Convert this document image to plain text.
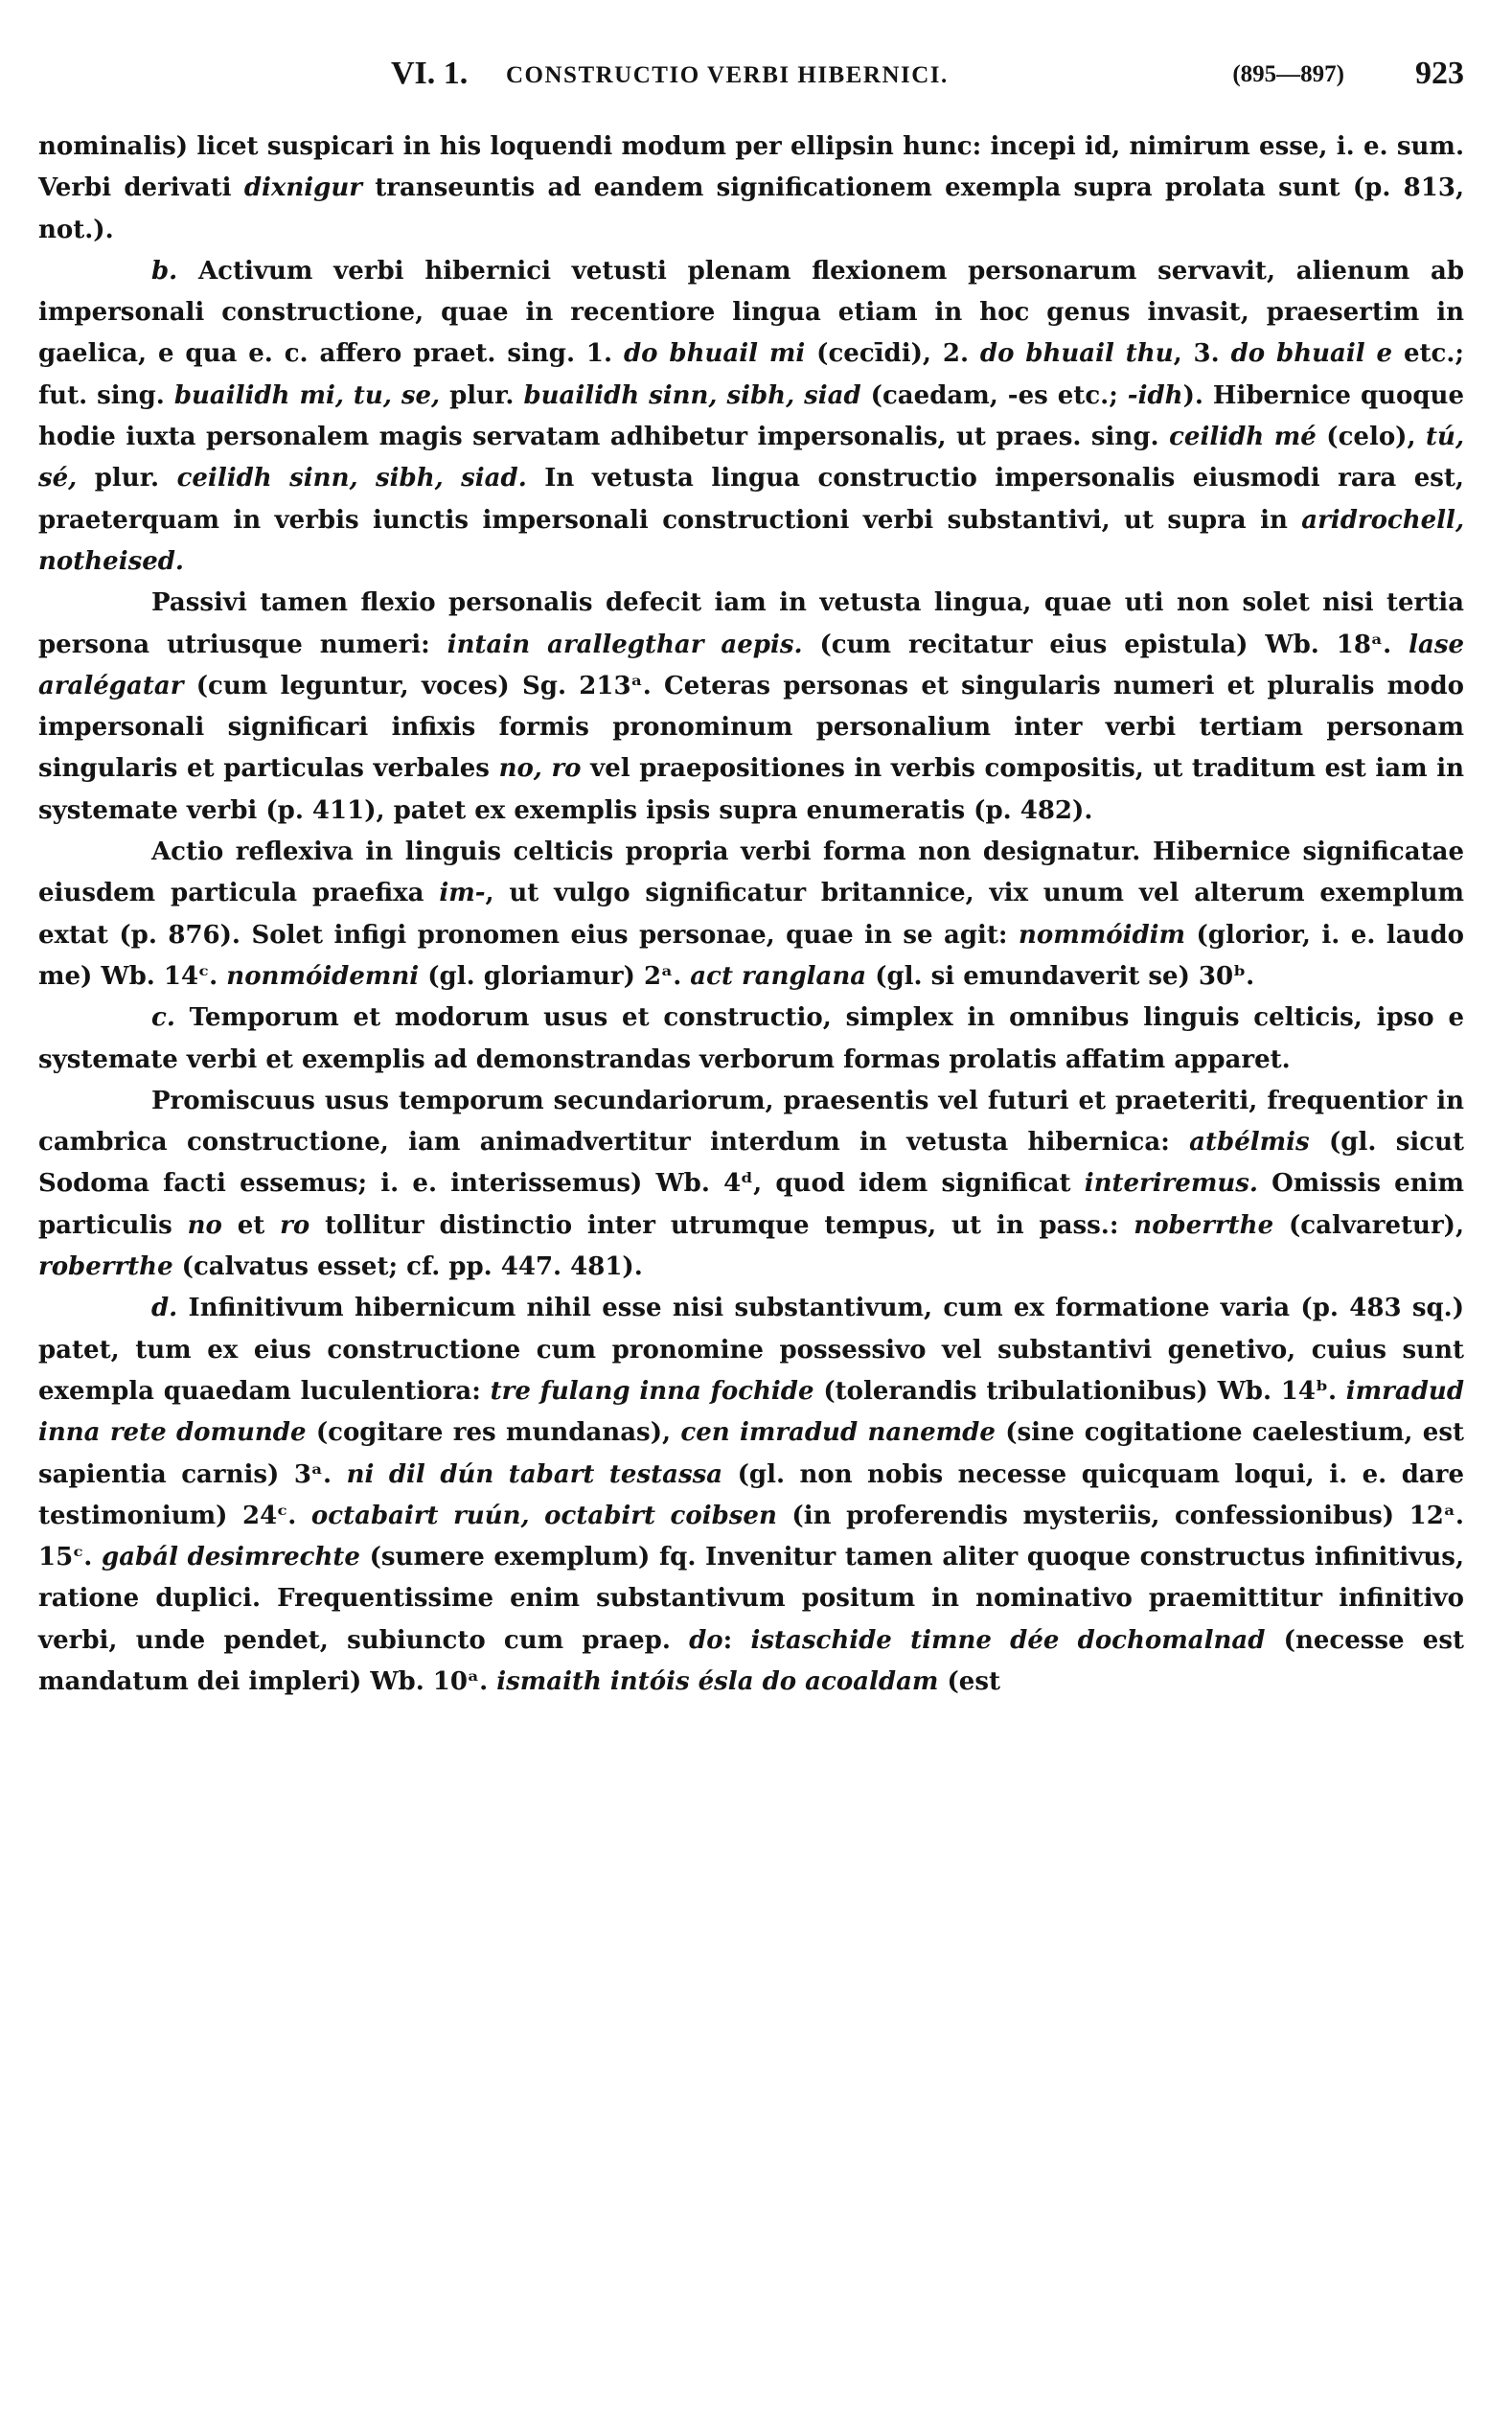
VI. 1. CONSTRUCTIO VERBI HIBERNICI.	(895—897) 923

nominalis) licet suspicari in his loquendi modum per ellipsin hunc: incepi id, nimirum esse, i. e. sum. Verbi derivati dixnigur transeuntis ad eandem significationem exempla supra prolata sunt (p. 813, not.).

b. Activum verbi hibernici vetusti plenam flexionem personarum servavit, alienum ab impersonali constructione, quae in recentiore lingua etiam in hoc genus invasit, praesertim in gaelica, e qua e. c. affero praet. sing. 1. do bhuail mi (cecīdi), 2. do bhuail thu, 3. do bhuail e etc.; fut. sing. buailidh mi, tu, se, plur. buailidh sinn, sibh, siad (caedam, -es etc.; -idh). Hibernice quoque hodie iuxta personalem magis servatam adhibetur impersonalis, ut praes. sing. ceilidh mé (celo), tú, sé, plur. ceilidh sinn, sibh, siad. In vetusta lingua constructio impersonalis eiusmodi rara est, praeterquam in verbis iunctis impersonali constructioni verbi substantivi, ut supra in aridrochell, notheised.

Passivi tamen flexio personalis defecit iam in vetusta lingua, quae uti non solet nisi tertia persona utriusque numeri: intain arallegthar aepis. (cum recitatur eius epistula) Wb. 18ᵃ. lase aralégatar (cum leguntur, voces) Sg. 213ᵃ. Ceteras personas et singularis numeri et pluralis modo impersonali significari infixis formis pronominum personalium inter verbi tertiam personam singularis et particulas verbales no, ro vel praepositiones in verbis compositis, ut traditum est iam in systemate verbi (p. 411), patet ex exemplis ipsis supra enumeratis (p. 482).

Actio reflexiva in linguis celticis propria verbi forma non designatur. Hibernice significatae eiusdem particula praefixa im-, ut vulgo significatur britannice, vix unum vel alterum exemplum extat (p. 876). Solet infigi pronomen eius personae, quae in se agit: nommóidim (glorior, i. e. laudo me) Wb. 14ᶜ. nonmóidemni (gl. gloriamur) 2ᵃ. act ranglana (gl. si emundaverit se) 30ᵇ.

c. Temporum et modorum usus et constructio, simplex in omnibus linguis celticis, ipso e systemate verbi et exemplis ad demonstrandas verborum formas prolatis affatim apparet.

Promiscuus usus temporum secundariorum, praesentis vel futuri et praeteriti, frequentior in cambrica constructione, iam animadvertitur interdum in vetusta hibernica: atbélmis (gl. sicut Sodoma facti essemus; i. e. interissemus) Wb. 4ᵈ, quod idem significat interiremus. Omissis enim particulis no et ro tollitur distinctio inter utrumque tempus, ut in pass.: noberrthe (calvaretur), roberrthe (calvatus esset; cf. pp. 447. 481).

d. Infinitivum hibernicum nihil esse nisi substantivum, cum ex formatione varia (p. 483 sq.) patet, tum ex eius constructione cum pronomine possessivo vel substantivi genetivo, cuius sunt exempla quaedam luculentiora: tre fulang inna fochide (tolerandis tribulationibus) Wb. 14ᵇ. imradud inna rete domunde (cogitare res mundanas), cen imradud nanemde (sine cogitatione caelestium, est sapientia carnis) 3ᵃ. ni dil dún tabart testassa (gl. non nobis necesse quicquam loqui, i. e. dare testimonium) 24ᶜ. octabairt ruún, octabirt coibsen (in proferendis mysteriis, confessionibus) 12ᵃ. 15ᶜ. gabál desimrechte (sumere exemplum) fq. Invenitur tamen aliter quoque constructus infinitivus, ratione duplici. Frequentissime enim substantivum positum in nominativo praemittitur infinitivo verbi, unde pendet, subiuncto cum praep. do: istaschide timne dée dochomalnad (necesse est mandatum dei impleri) Wb. 10ᵃ. ismaith intóis ésla do acoaldam (est
